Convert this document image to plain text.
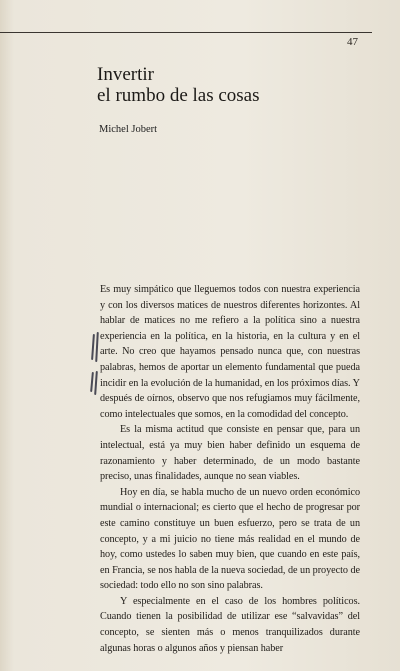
47
Invertir
el rumbo de las cosas
Michel Jobert

Es muy simpático que lleguemos todos con nuestra experiencia y con los diversos matices de nuestros diferentes horizontes. Al hablar de matices no me refiero a la política sino a nuestra experiencia en la política, en la historia, en la cultura y en el arte. No creo que hayamos pensado nunca que, con nuestras palabras, hemos de aportar un elemento fundamental que pueda incidir en la evolución de la humanidad, en los próximos días. Y después de oírnos, observo que nos refugiamos muy fácilmente, como intelectuales que somos, en la comodidad del concepto.

Es la misma actitud que consiste en pensar que, para un intelectual, está ya muy bien haber definido un esquema de razonamiento y haber determinado, de un modo bastante preciso, unas finalidades, aunque no sean viables.

Hoy en día, se habla mucho de un nuevo orden económico mundial o internacional; es cierto que el hecho de progresar por este camino constituye un buen esfuerzo, pero se trata de un concepto, y a mi juicio no tiene más realidad en el mundo de hoy, como ustedes lo saben muy bien, que cuando en este país, en Francia, se nos habla de la nueva sociedad, de un proyecto de sociedad: todo ello no son sino palabras.

Y especialmente en el caso de los hombres políticos. Cuando tienen la posibilidad de utilizar ese “salvavidas” del concepto, se sienten más o menos tranquilizados durante algunas horas o algunos años y piensan haber
